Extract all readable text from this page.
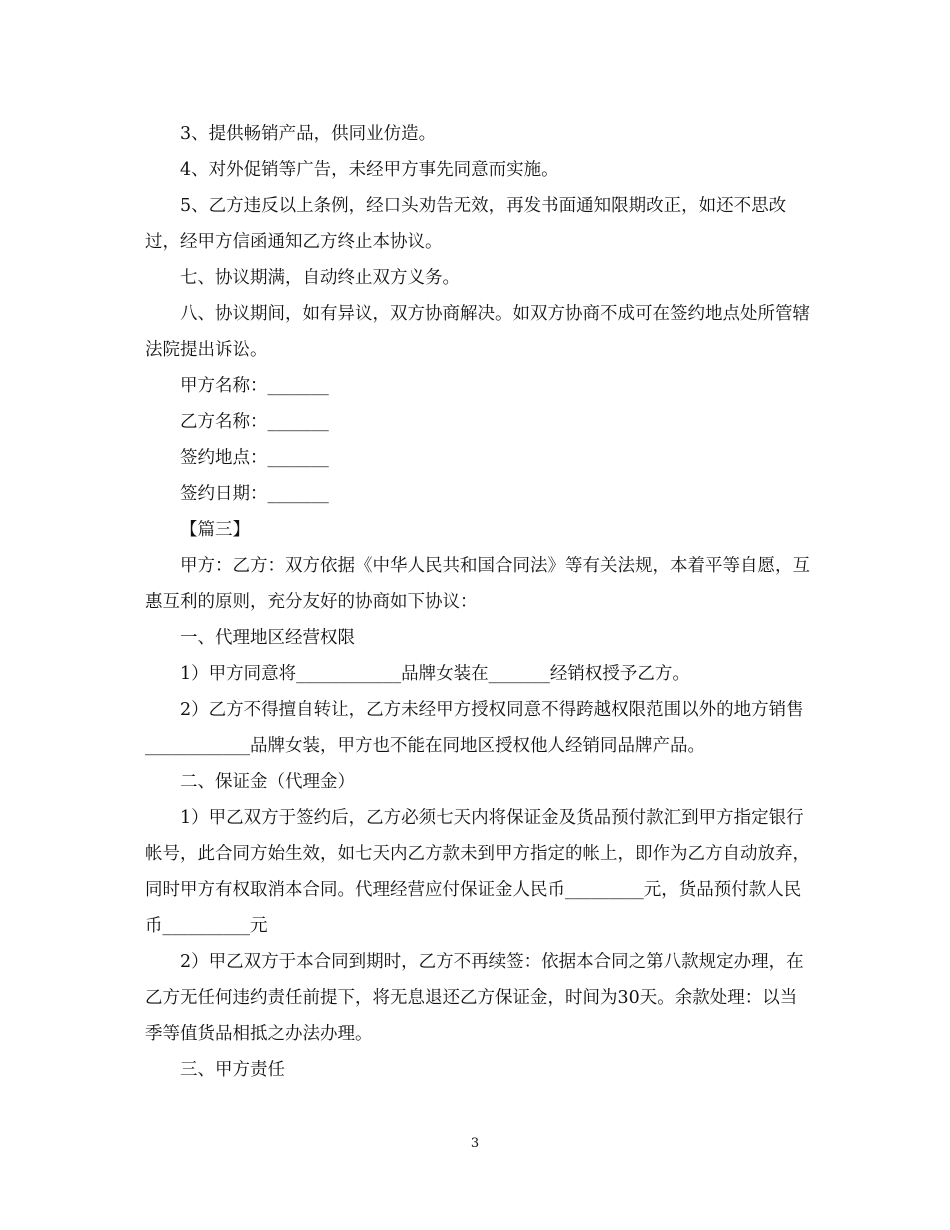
3、提供畅销产品，供同业仿造。

4、对外促销等广告，未经甲方事先同意而实施。

5、乙方违反以上条例，经口头劝告无效，再发书面通知限期改正，如还不思改过，经甲方信函通知乙方终止本协议。

七、协议期满，自动终止双方义务。

八、协议期间，如有异议，双方协商解决。如双方协商不成可在签约地点处所管辖法院提出诉讼。

甲方名称：_______

乙方名称：_______

签约地点：_______

签约日期：_______

【篇三】

甲方：乙方：双方依据《中华人民共和国合同法》等有关法规，本着平等自愿，互惠互利的原则，充分友好的协商如下协议：

一、代理地区经营权限

1）甲方同意将____________品牌女装在_______经销权授予乙方。

2）乙方不得擅自转让，乙方未经甲方授权同意不得跨越权限范围以外的地方销售____________品牌女装，甲方也不能在同地区授权他人经销同品牌产品。

二、保证金（代理金）

1）甲乙双方于签约后，乙方必须七天内将保证金及货品预付款汇到甲方指定银行帐号，此合同方始生效，如七天内乙方款未到甲方指定的帐上，即作为乙方自动放弃，同时甲方有权取消本合同。代理经营应付保证金人民币_________元，货品预付款人民币__________元

2）甲乙双方于本合同到期时，乙方不再续签：依据本合同之第八款规定办理，在乙方无任何违约责任前提下，将无息退还乙方保证金，时间为30天。余款处理：以当季等值货品相抵之办法办理。

三、甲方责任

3
